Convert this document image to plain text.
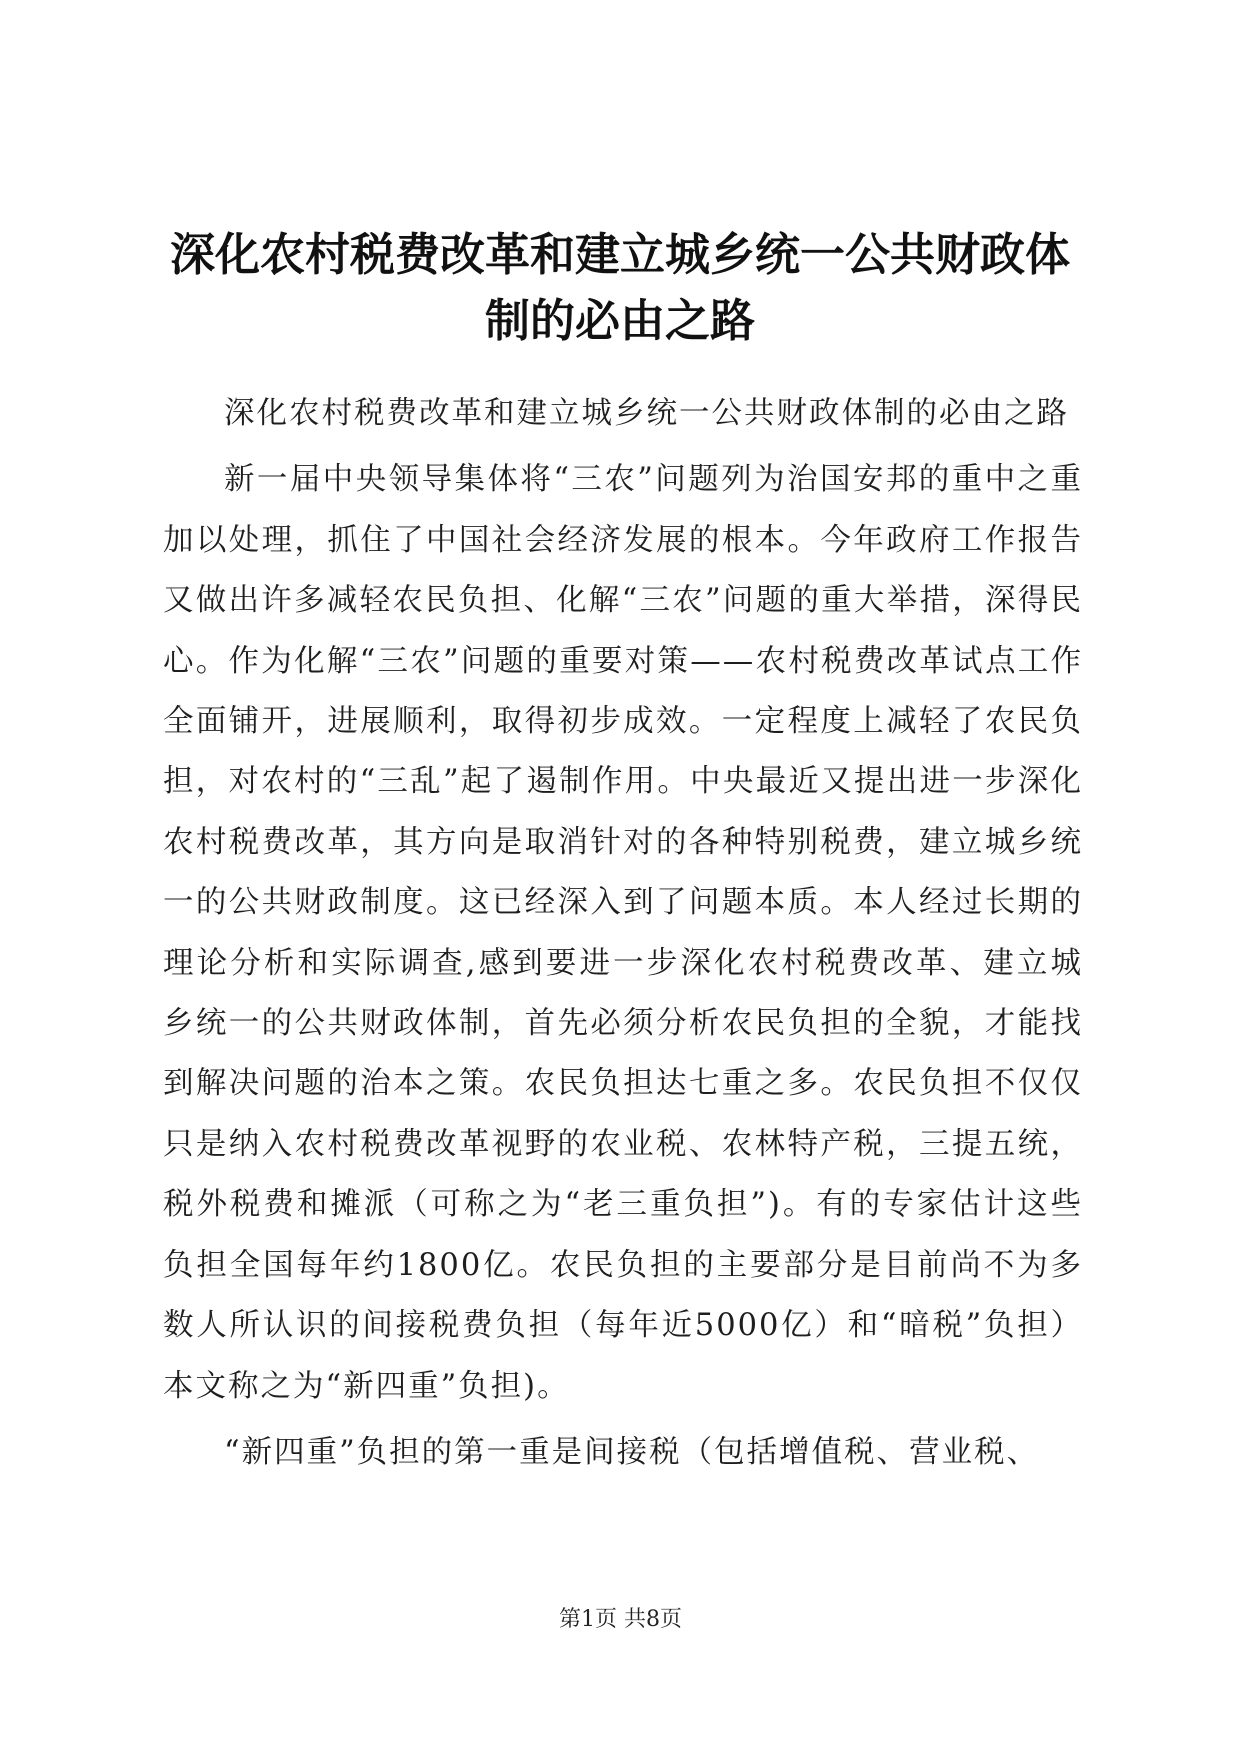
深化农村税费改革和建立城乡统一公共财政体制的必由之路

深化农村税费改革和建立城乡统一公共财政体制的必由之路

新一届中央领导集体将“三农”问题列为治国安邦的重中之重加以处理，抓住了中国社会经济发展的根本。今年政府工作报告又做出许多减轻农民负担、化解“三农”问题的重大举措，深得民心。作为化解“三农”问题的重要对策——农村税费改革试点工作全面铺开，进展顺利，取得初步成效。一定程度上减轻了农民负担，对农村的“三乱”起了遏制作用。中央最近又提出进一步深化农村税费改革，其方向是取消针对的各种特别税费，建立城乡统一的公共财政制度。这已经深入到了问题本质。本人经过长期的理论分析和实际调查,感到要进一步深化农村税费改革、建立城乡统一的公共财政体制，首先必须分析农民负担的全貌，才能找到解决问题的治本之策。农民负担达七重之多。农民负担不仅仅只是纳入农村税费改革视野的农业税、农林特产税，三提五统，税外税费和摊派（可称之为“老三重负担”)。有的专家估计这些负担全国每年约1800亿。农民负担的主要部分是目前尚不为多数人所认识的间接税费负担（每年近5000亿）和“暗税”负担）本文称之为“新四重”负担)。

“新四重”负担的第一重是间接税（包括增值税、营业税、

第1页 共8页
